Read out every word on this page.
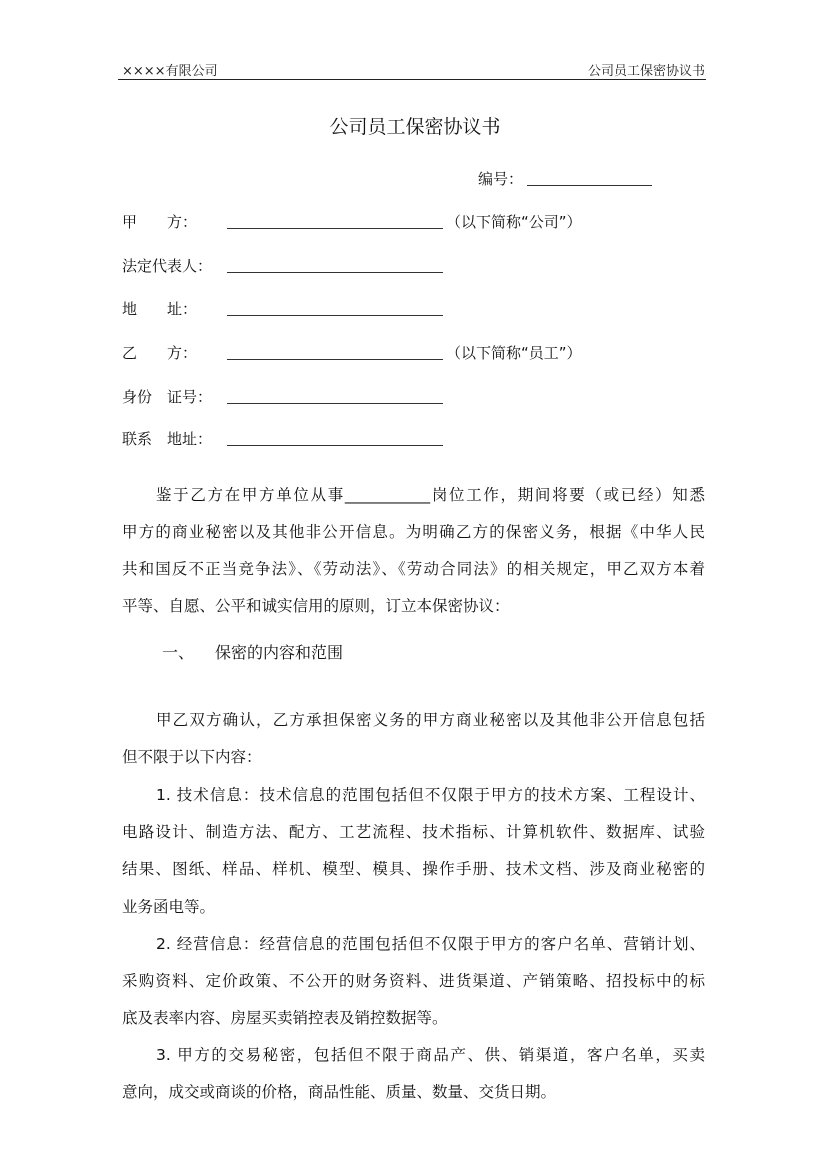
××××有限公司	公司员工保密协议书
公司员工保密协议书
编号：
甲　　方：	（以下简称“公司”）
法定代表人：
地　　址：
乙　　方：	（以下简称“员工”）
身份　证号：
联系　地址：
鉴于乙方在甲方单位从事___________岗位工作，期间将要（或已经）知悉
甲方的商业秘密以及其他非公开信息。为明确乙方的保密义务，根据《中华人民
共和国反不正当竞争法》、《劳动法》、《劳动合同法》的相关规定，甲乙双方本着
平等、自愿、公平和诚实信用的原则，订立本保密协议：
一、 保密的内容和范围
甲乙双方确认，乙方承担保密义务的甲方商业秘密以及其他非公开信息包括
但不限于以下内容：
1. 技术信息：技术信息的范围包括但不仅限于甲方的技术方案、工程设计、
电路设计、制造方法、配方、工艺流程、技术指标、计算机软件、数据库、试验
结果、图纸、样品、样机、模型、模具、操作手册、技术文档、涉及商业秘密的
业务函电等。
2. 经营信息：经营信息的范围包括但不仅限于甲方的客户名单、营销计划、
采购资料、定价政策、不公开的财务资料、进货渠道、产销策略、招投标中的标
底及表率内容、房屋买卖销控表及销控数据等。
3. 甲方的交易秘密，包括但不限于商品产、供、销渠道，客户名单，买卖
意向，成交或商谈的价格，商品性能、质量、数量、交货日期。
